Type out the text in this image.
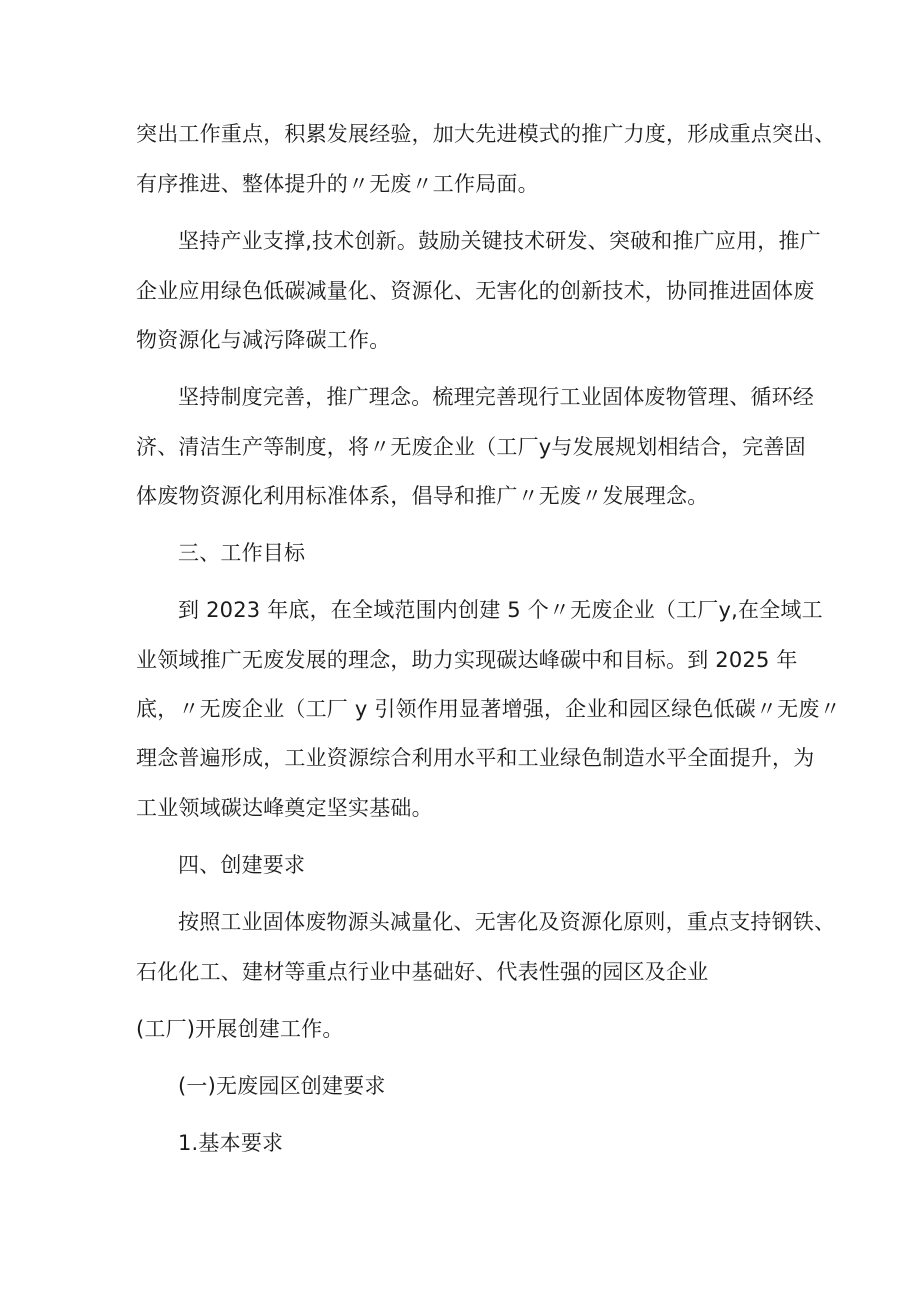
突出工作重点，积累发展经验，加大先进模式的推广力度，形成重点突出、
有序推进、整体提升的〃无废〃工作局面。
坚持产业支撑,技术创新。鼓励关键技术研发、突破和推广应用，推广
企业应用绿色低碳减量化、资源化、无害化的创新技术，协同推进固体废
物资源化与减污降碳工作。
坚持制度完善，推广理念。梳理完善现行工业固体废物管理、循环经
济、清洁生产等制度，将〃无废企业（工厂y与发展规划相结合，完善固
体废物资源化利用标准体系，倡导和推广〃无废〃发展理念。
三、工作目标
到 2023 年底，在全域范围内创建 5 个〃无废企业（工厂y,在全域工
业领域推广无废发展的理念，助力实现碳达峰碳中和目标。到 2025 年
底，〃无废企业（工厂 y 引领作用显著增强，企业和园区绿色低碳〃无废〃
理念普遍形成，工业资源综合利用水平和工业绿色制造水平全面提升，为
工业领域碳达峰奠定坚实基础。
四、创建要求
按照工业固体废物源头减量化、无害化及资源化原则，重点支持钢铁、
石化化工、建材等重点行业中基础好、代表性强的园区及企业
(工厂)开展创建工作。
(一)无废园区创建要求
1.基本要求
